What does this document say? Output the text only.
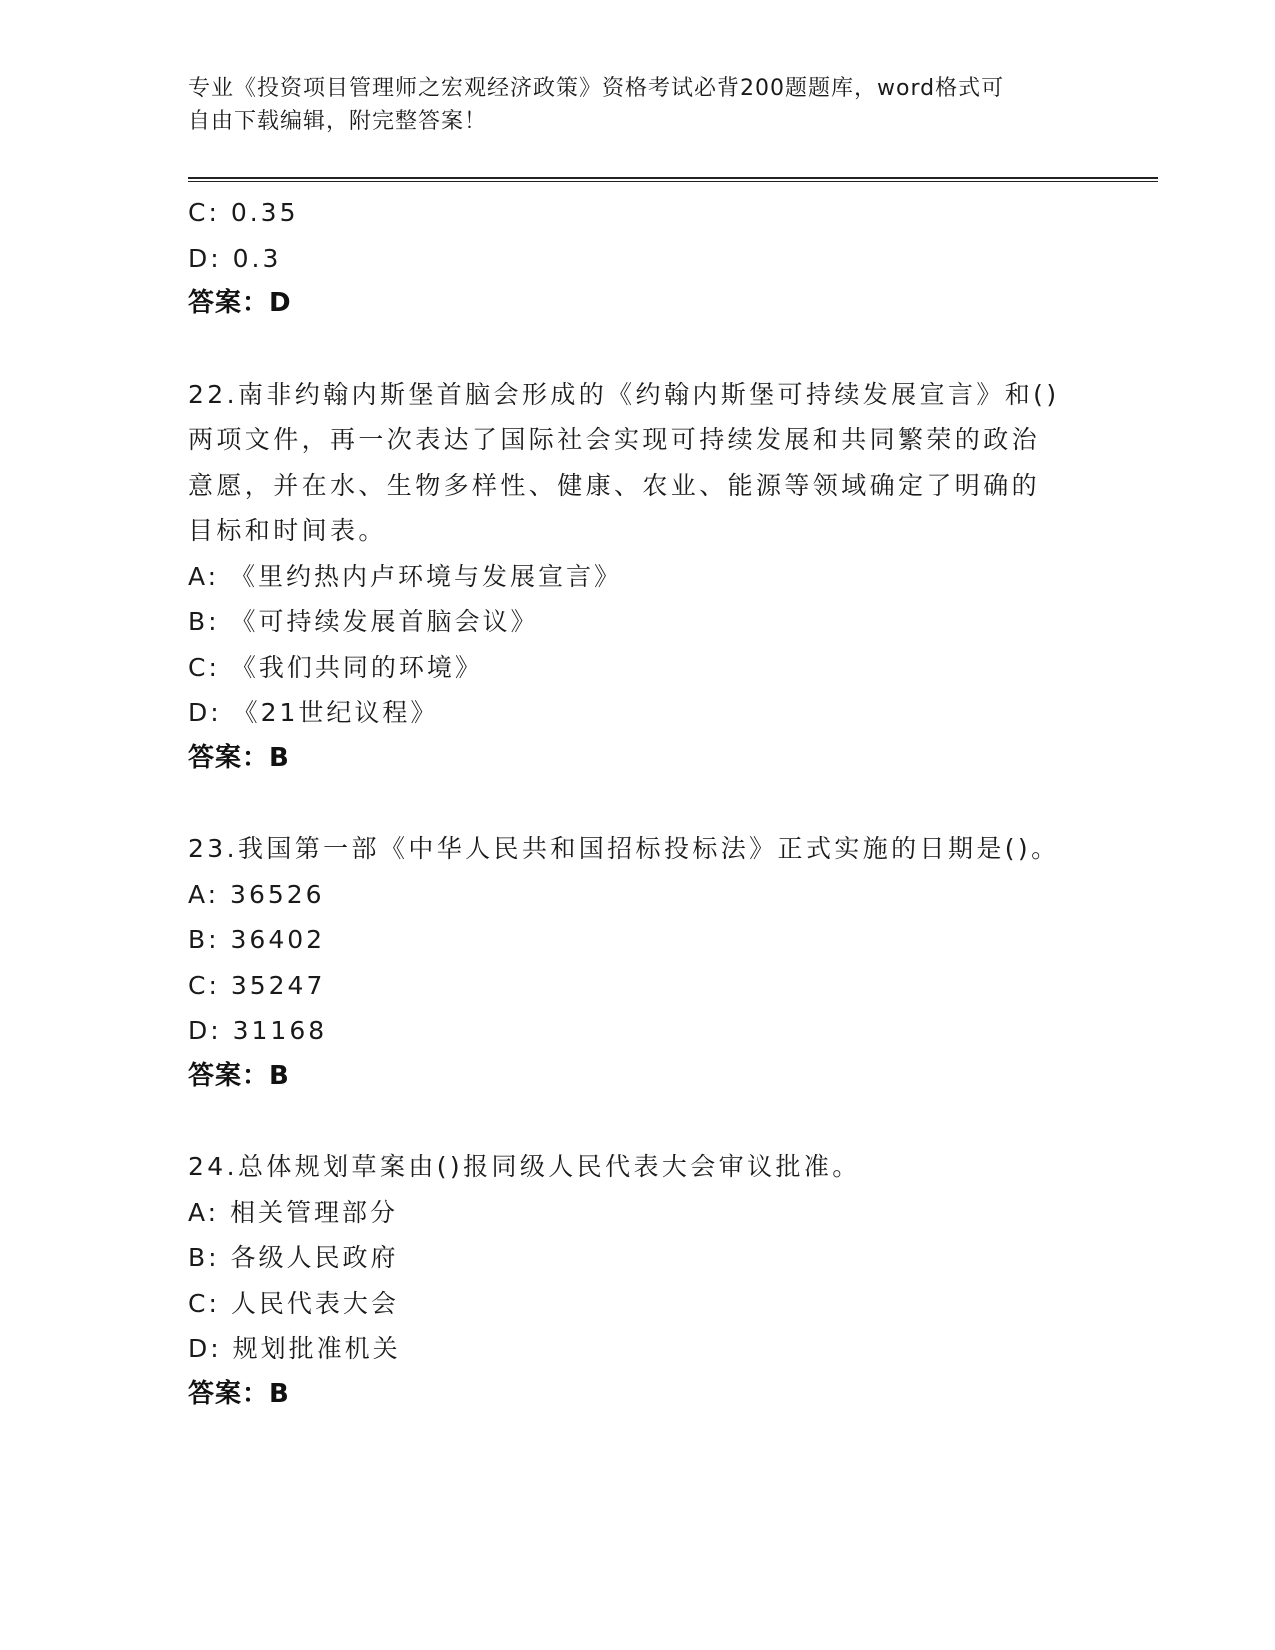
专业《投资项目管理师之宏观经济政策》资格考试必背200题题库，word格式可
自由下载编辑，附完整答案！
C: 0.35
D: 0.3
答案：D
22.南非约翰内斯堡首脑会形成的《约翰内斯堡可持续发展宣言》和()两项文件，再一次表达了国际社会实现可持续发展和共同繁荣的政治意愿，并在水、生物多样性、健康、农业、能源等领域确定了明确的目标和时间表。
A: 《里约热内卢环境与发展宣言》
B: 《可持续发展首脑会议》
C: 《我们共同的环境》
D: 《21世纪议程》
答案：B
23.我国第一部《中华人民共和国招标投标法》正式实施的日期是()。
A: 36526
B: 36402
C: 35247
D: 31168
答案：B
24.总体规划草案由()报同级人民代表大会审议批准。
A: 相关管理部分
B: 各级人民政府
C: 人民代表大会
D: 规划批准机关
答案：B
